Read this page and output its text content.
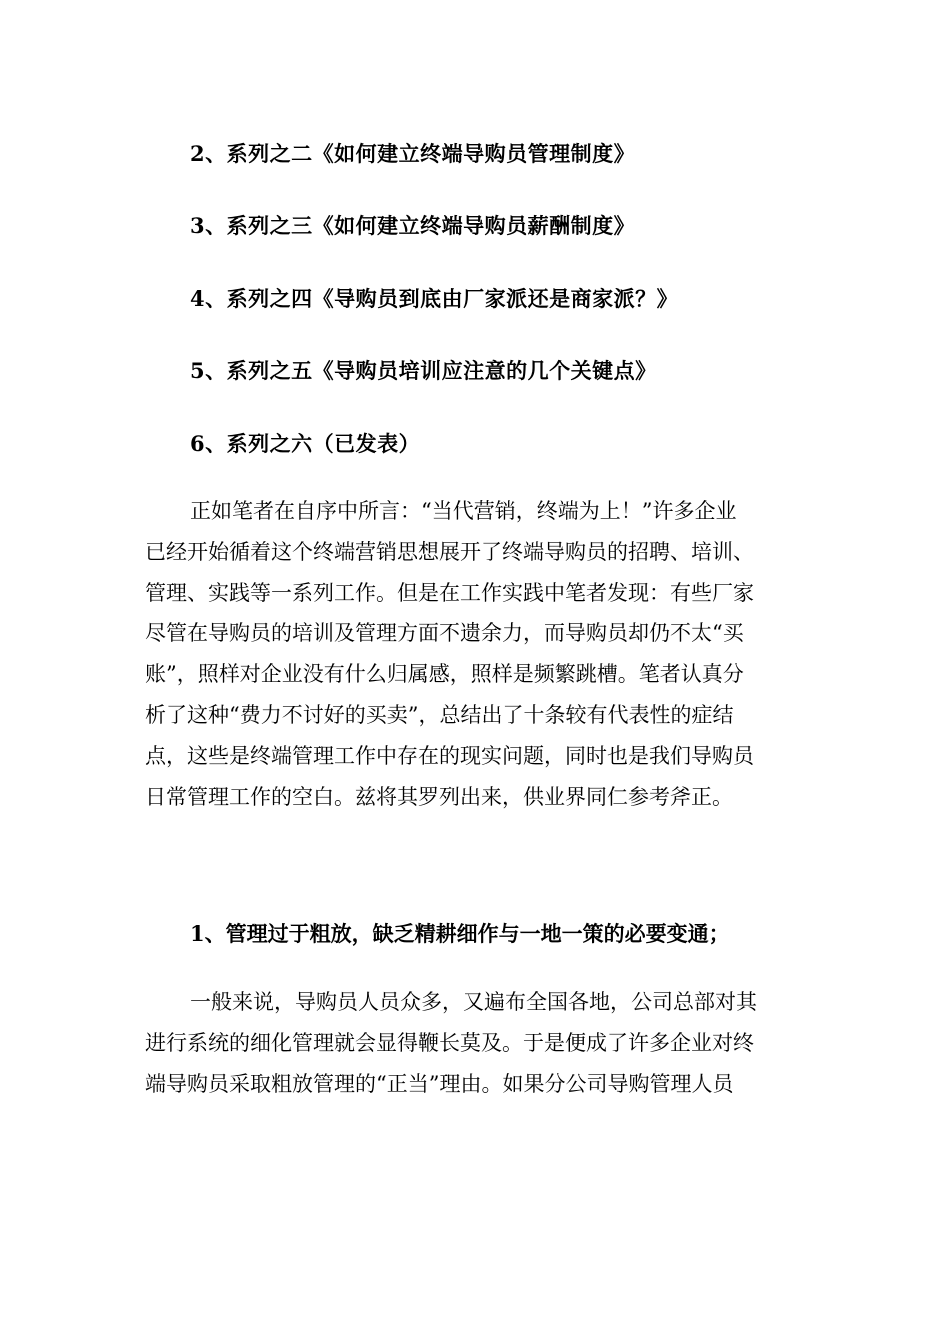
2、系列之二《如何建立终端导购员管理制度》
3、系列之三《如何建立终端导购员薪酬制度》
4、系列之四《导购员到底由厂家派还是商家派？》
5、系列之五《导购员培训应注意的几个关键点》
6、系列之六（已发表）
正如笔者在自序中所言：“当代营销，终端为上！”许多企业
已经开始循着这个终端营销思想展开了终端导购员的招聘、培训、
管理、实践等一系列工作。但是在工作实践中笔者发现：有些厂家
尽管在导购员的培训及管理方面不遗余力，而导购员却仍不太“买
账”，照样对企业没有什么归属感，照样是频繁跳槽。笔者认真分
析了这种“费力不讨好的买卖”，总结出了十条较有代表性的症结
点，这些是终端管理工作中存在的现实问题，同时也是我们导购员
日常管理工作的空白。兹将其罗列出来，供业界同仁参考斧正。
1、管理过于粗放，缺乏精耕细作与一地一策的必要变通；
一般来说，导购员人员众多，又遍布全国各地，公司总部对其
进行系统的细化管理就会显得鞭长莫及。于是便成了许多企业对终
端导购员采取粗放管理的“正当”理由。如果分公司导购管理人员
